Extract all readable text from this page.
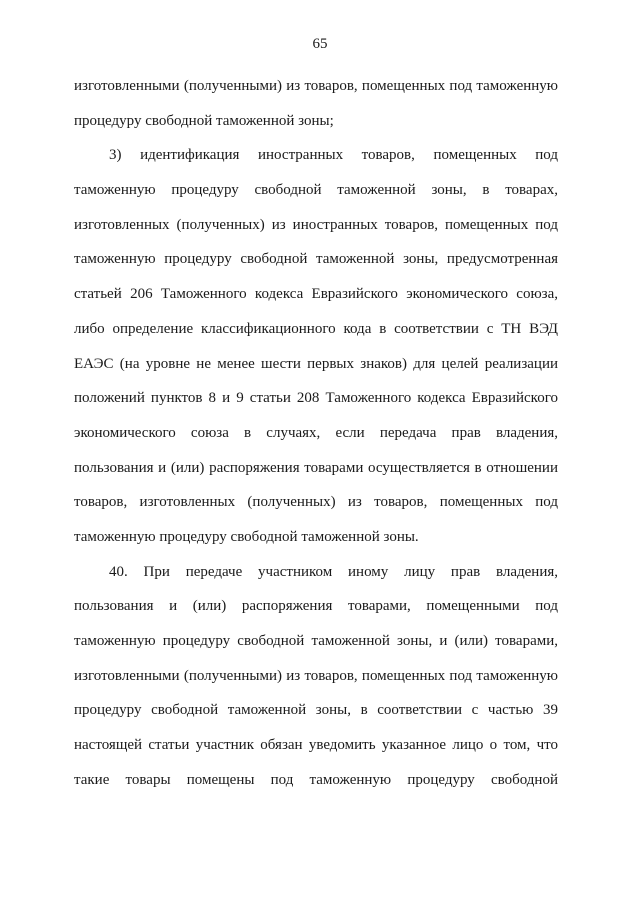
65
изготовленными (полученными) из товаров, помещенных под таможенную
процедуру свободной таможенной зоны;
3) идентификация иностранных товаров, помещенных под
таможенную процедуру свободной таможенной зоны, в товарах,
изготовленных (полученных) из иностранных товаров, помещенных под
таможенную процедуру свободной таможенной зоны, предусмотренная
статьей 206 Таможенного кодекса Евразийского экономического союза,
либо определение классификационного кода в соответствии с ТН ВЭД
ЕАЭС (на уровне не менее шести первых знаков) для целей реализации
положений пунктов 8 и 9 статьи 208 Таможенного кодекса Евразийского
экономического союза в случаях, если передача прав владения,
пользования и (или) распоряжения товарами осуществляется в отношении
товаров, изготовленных (полученных) из товаров, помещенных под
таможенную процедуру свободной таможенной зоны.
40. При передаче участником иному лицу прав владения,
пользования и (или) распоряжения товарами, помещенными под
таможенную процедуру свободной таможенной зоны, и (или) товарами,
изготовленными (полученными) из товаров, помещенных под таможенную
процедуру свободной таможенной зоны, в соответствии с частью 39
настоящей статьи участник обязан уведомить указанное лицо о том, что
такие товары помещены под таможенную процедуру свободной
